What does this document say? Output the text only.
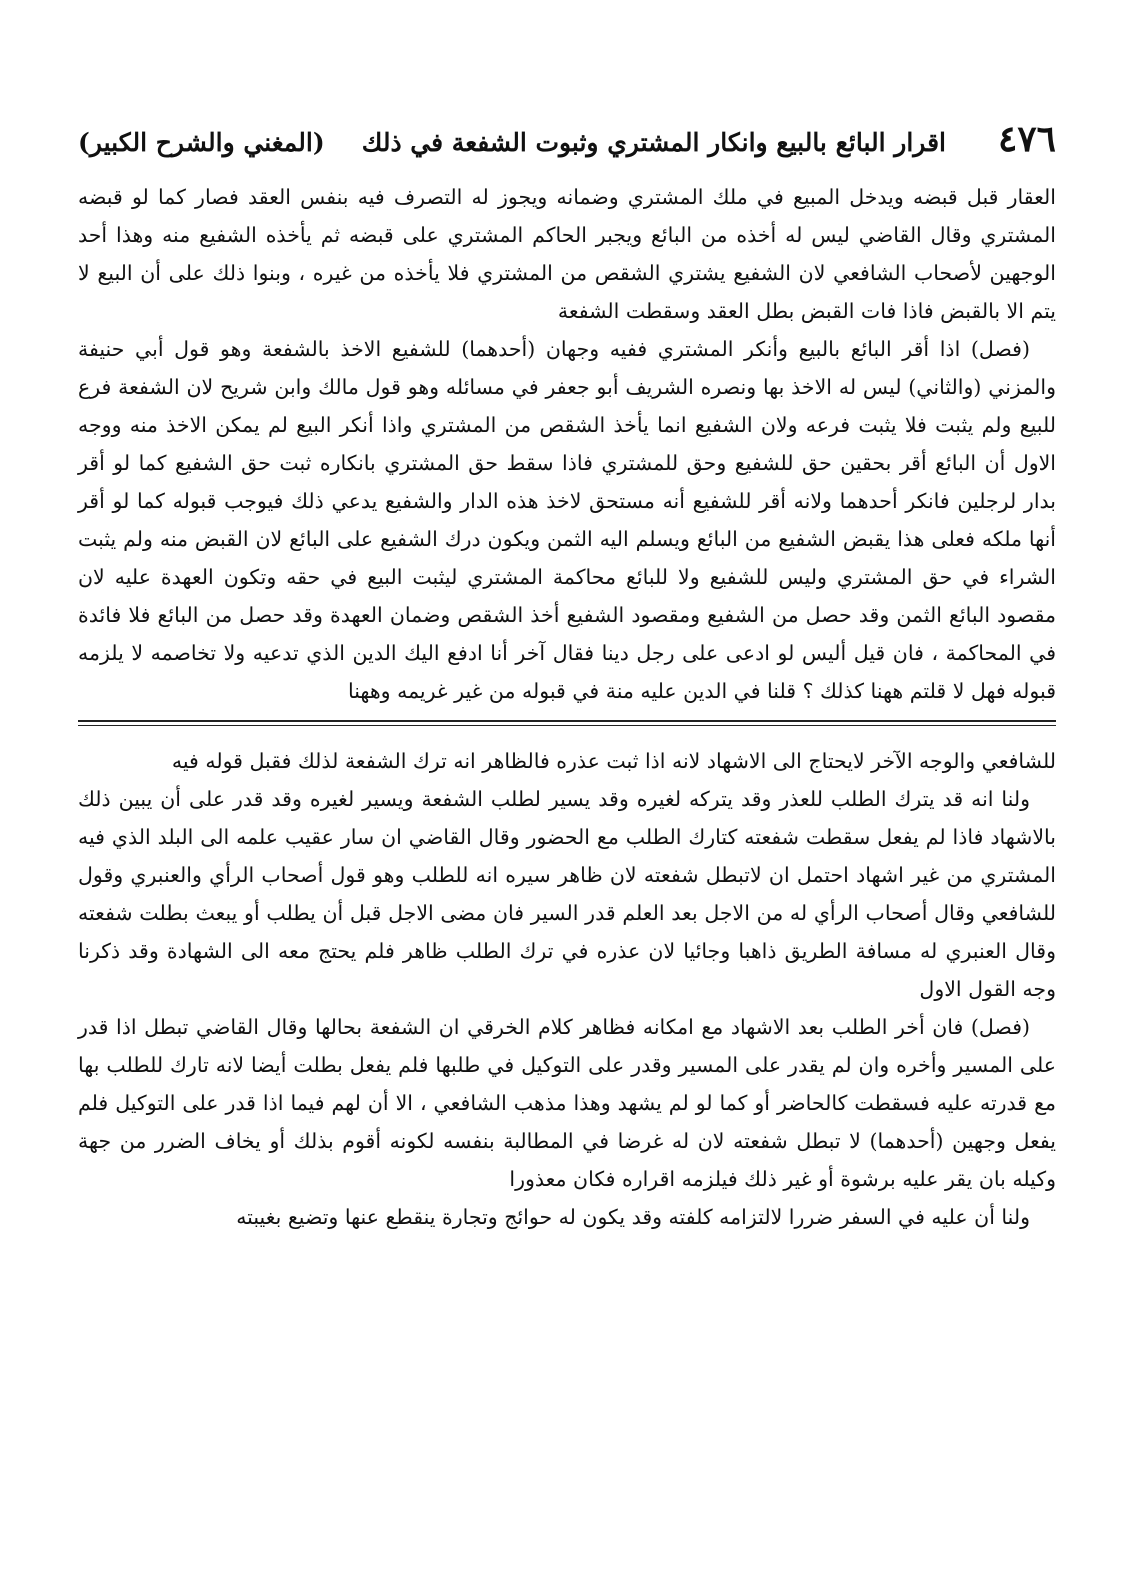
٤٧٦
اقرار البائع بالبيع وانكار المشتري وثبوت الشفعة في ذلك
(المغني والشرح الكبير)

العقار قبل قبضه ويدخل المبيع في ملك المشتري وضمانه ويجوز له التصرف فيه بنفس العقد فصار كما لو قبضه المشتري وقال القاضي ليس له أخذه من البائع ويجبر الحاكم المشتري على قبضه ثم يأخذه الشفيع منه وهذا أحد الوجهين لأصحاب الشافعي لان الشفيع يشتري الشقص من المشتري فلا يأخذه من غيره ، وبنوا ذلك على أن البيع لا يتم الا بالقبض فاذا فات القبض بطل العقد وسقطت الشفعة

(فصل) اذا أقر البائع بالبيع وأنكر المشتري ففيه وجهان (أحدهما) للشفيع الاخذ بالشفعة وهو قول أبي حنيفة والمزني (والثاني) ليس له الاخذ بها ونصره الشريف أبو جعفر في مسائله وهو قول مالك وابن شريح لان الشفعة فرع للبيع ولم يثبت فلا يثبت فرعه ولان الشفيع انما يأخذ الشقص من المشتري واذا أنكر البيع لم يمكن الاخذ منه ووجه الاول أن البائع أقر بحقين حق للشفيع وحق للمشتري فاذا سقط حق المشتري بانكاره ثبت حق الشفيع كما لو أقر بدار لرجلين فانكر أحدهما ولانه أقر للشفيع أنه مستحق لاخذ هذه الدار والشفيع يدعي ذلك فيوجب قبوله كما لو أقر أنها ملكه فعلى هذا يقبض الشفيع من البائع ويسلم اليه الثمن ويكون درك الشفيع على البائع لان القبض منه ولم يثبت الشراء في حق المشتري وليس للشفيع ولا للبائع محاكمة المشتري ليثبت البيع في حقه وتكون العهدة عليه لان مقصود البائع الثمن وقد حصل من الشفيع ومقصود الشفيع أخذ الشقص وضمان العهدة وقد حصل من البائع فلا فائدة في المحاكمة ، فان قيل أليس لو ادعى على رجل دينا فقال آخر أنا ادفع اليك الدين الذي تدعيه ولا تخاصمه لا يلزمه قبوله فهل لا قلتم ههنا كذلك ؟ قلنا في الدين عليه منة في قبوله من غير غريمه وههنا

للشافعي والوجه الآخر لايحتاج الى الاشهاد لانه اذا ثبت عذره فالظاهر انه ترك الشفعة لذلك فقبل قوله فيه

ولنا انه قد يترك الطلب للعذر وقد يتركه لغيره وقد يسير لطلب الشفعة ويسير لغيره وقد قدر على أن يبين ذلك بالاشهاد فاذا لم يفعل سقطت شفعته كتارك الطلب مع الحضور وقال القاضي ان سار عقيب علمه الى البلد الذي فيه المشتري من غير اشهاد احتمل ان لاتبطل شفعته لان ظاهر سيره انه للطلب وهو قول أصحاب الرأي والعنبري وقول للشافعي وقال أصحاب الرأي له من الاجل بعد العلم قدر السير فان مضى الاجل قبل أن يطلب أو يبعث بطلت شفعته وقال العنبري له مسافة الطريق ذاهبا وجائيا لان عذره في ترك الطلب ظاهر فلم يحتج معه الى الشهادة وقد ذكرنا وجه القول الاول

(فصل) فان أخر الطلب بعد الاشهاد مع امكانه فظاهر كلام الخرقي ان الشفعة بحالها وقال القاضي تبطل اذا قدر على المسير وأخره وان لم يقدر على المسير وقدر على التوكيل في طلبها فلم يفعل بطلت أيضا لانه تارك للطلب بها مع قدرته عليه فسقطت كالحاضر أو كما لو لم يشهد وهذا مذهب الشافعي ، الا أن لهم فيما اذا قدر على التوكيل فلم يفعل وجهين (أحدهما) لا تبطل شفعته لان له غرضا في المطالبة بنفسه لكونه أقوم بذلك أو يخاف الضرر من جهة وكيله بان يقر عليه برشوة أو غير ذلك فيلزمه اقراره فكان معذورا

ولنا أن عليه في السفر ضررا لالتزامه كلفته وقد يكون له حوائج وتجارة ينقطع عنها وتضيع بغيبته
